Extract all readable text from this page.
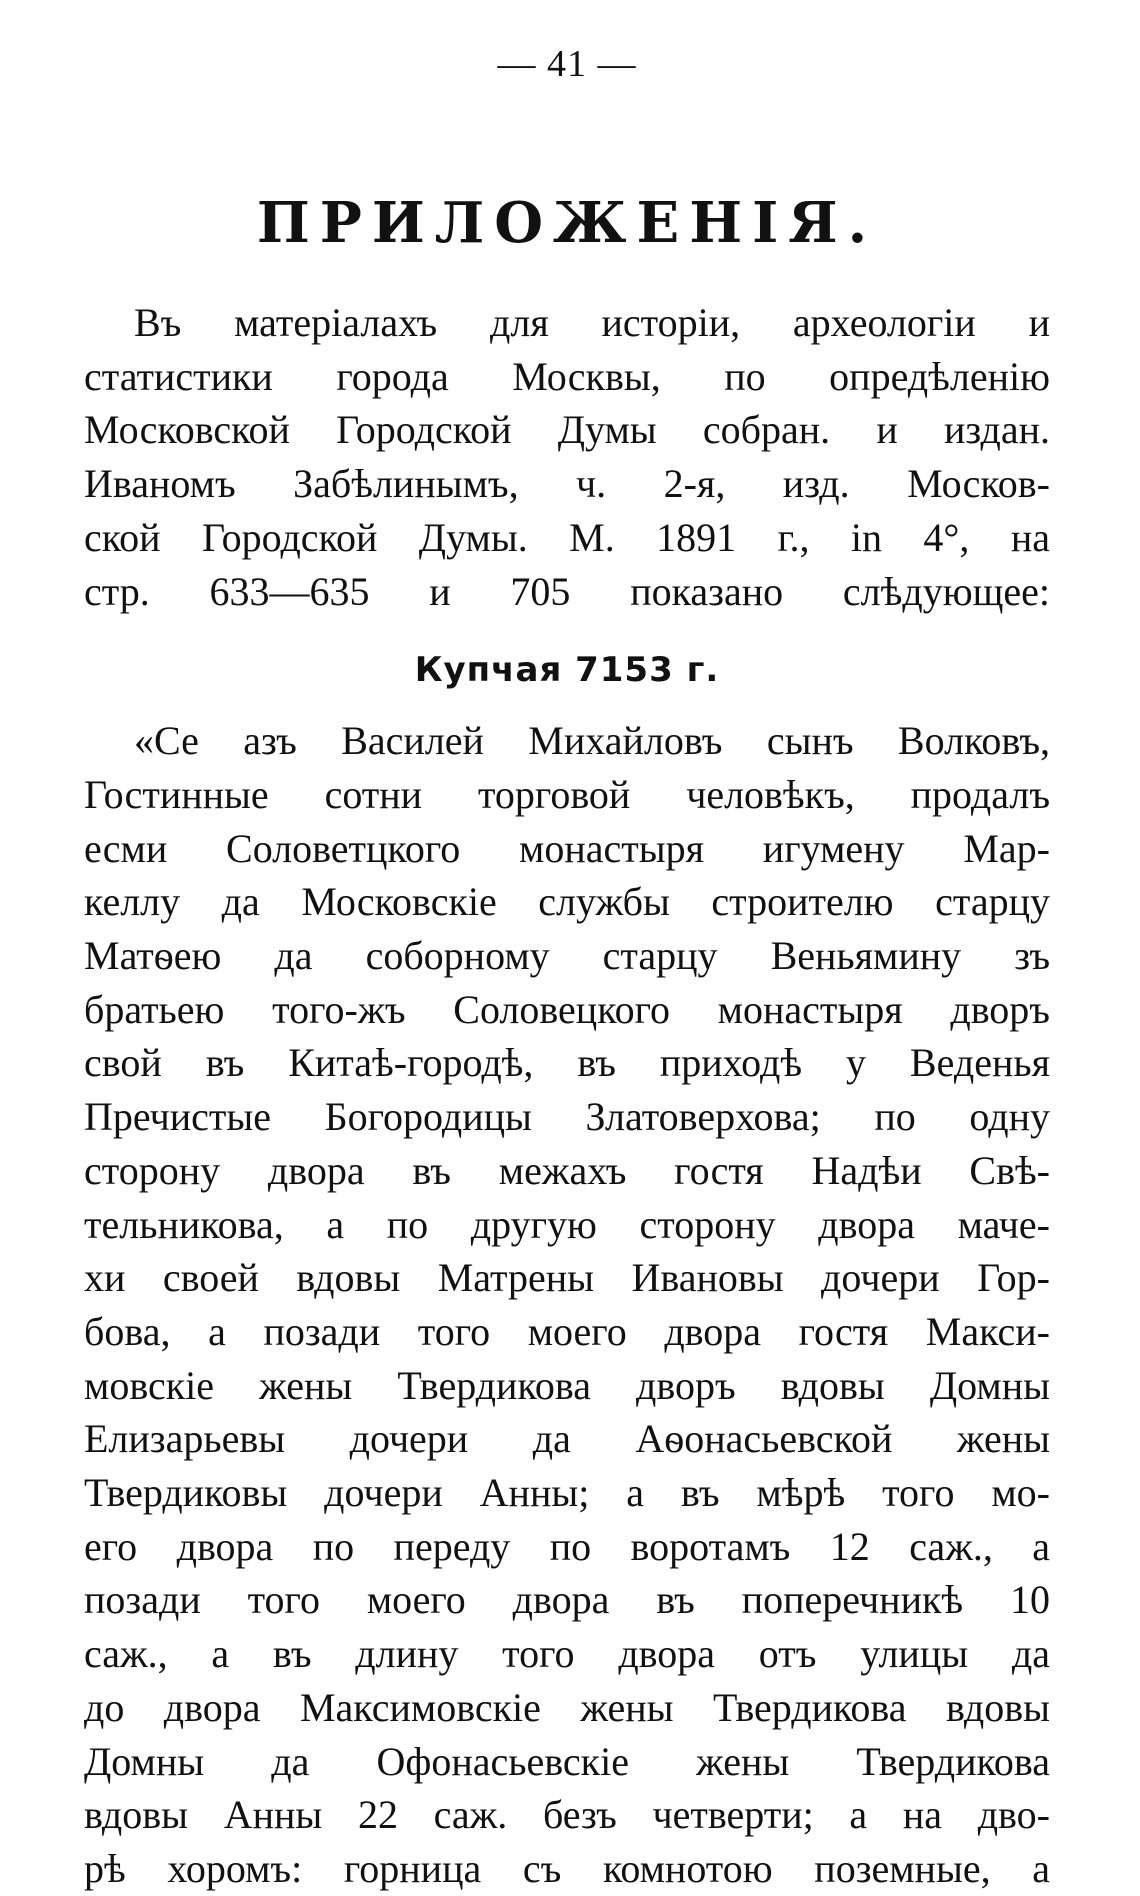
— 41 —
ПРИЛОЖЕНІЯ.

Въ матеріалахъ для исторіи, археологіи и
статистики города Москвы, по опредѣленію
Московской Городской Думы собран. и издан.
Иваномъ Забѣлинымъ, ч. 2-я, изд. Москов-
ской Городской Думы. М. 1891 г., in 4°, на
стр. 633—635 и 705 показано слѣдующее:

Купчая 7153 г.

«Се азъ Василей Михайловъ сынъ Волковъ,
Гостинные сотни торговой человѣкъ, продалъ
есми Соловетцкого монастыря игумену Мар-
келлу да Московскіе службы строителю старцу
Матѳею да соборному старцу Веньямину зъ
братьею того-жъ Соловецкого монастыря дворъ
свой въ Китаѣ-городѣ, въ приходѣ у Веденья
Пречистые Богородицы Златоверхова; по одну
сторону двора въ межахъ гостя Надѣи Свѣ-
тельникова, а по другую сторону двора маче-
хи своей вдовы Матрены Ивановы дочери Гор-
бова, а позади того моего двора гостя Макси-
мовскіе жены Твердикова дворъ вдовы Домны
Елизарьевы дочери да Аѳонасьевской жены
Твердиковы дочери Анны; а въ мѣрѣ того мо-
его двора по переду по воротамъ 12 саж., а
позади того моего двора въ поперечникѣ 10
саж., а въ длину того двора отъ улицы да
до двора Максимовскіе жены Твердикова вдовы
Домны да Офонасьевскіе жены Твердикова
вдовы Анны 22 саж. безъ четверти; а на дво-
рѣ хоромъ: горница съ комнотою поземные, а
